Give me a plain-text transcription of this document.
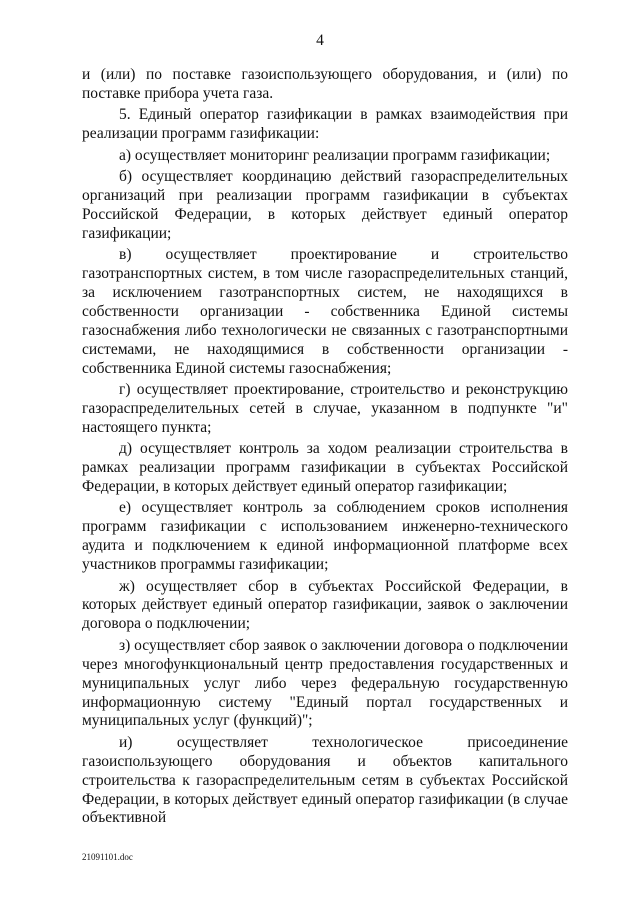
4

и (или) по поставке газоиспользующего оборудования, и (или) по поставке прибора учета газа.

5. Единый оператор газификации в рамках взаимодействия при реализации программ газификации:

а) осуществляет мониторинг реализации программ газификации;

б) осуществляет координацию действий газораспределительных организаций при реализации программ газификации в субъектах Российской Федерации, в которых действует единый оператор газификации;

в) осуществляет проектирование и строительство газотранспортных систем, в том числе газораспределительных станций, за исключением газотранспортных систем, не находящихся в собственности организации - собственника Единой системы газоснабжения либо технологически не связанных с газотранспортными системами, не находящимися в собственности организации - собственника Единой системы газоснабжения;

г) осуществляет проектирование, строительство и реконструкцию газораспределительных сетей в случае, указанном в подпункте "и" настоящего пункта;

д) осуществляет контроль за ходом реализации строительства в рамках реализации программ газификации в субъектах Российской Федерации, в которых действует единый оператор газификации;

е) осуществляет контроль за соблюдением сроков исполнения программ газификации с использованием инженерно-технического аудита и подключением к единой информационной платформе всех участников программы газификации;

ж) осуществляет сбор в субъектах Российской Федерации, в которых действует единый оператор газификации, заявок о заключении договора о подключении;

з) осуществляет сбор заявок о заключении договора о подключении через многофункциональный центр предоставления государственных и муниципальных услуг либо через федеральную государственную информационную систему "Единый портал государственных и муниципальных услуг (функций)";

и) осуществляет технологическое присоединение газоиспользующего оборудования и объектов капитального строительства к газораспределительным сетям в субъектах Российской Федерации, в которых действует единый оператор газификации (в случае объективной

21091101.doc
